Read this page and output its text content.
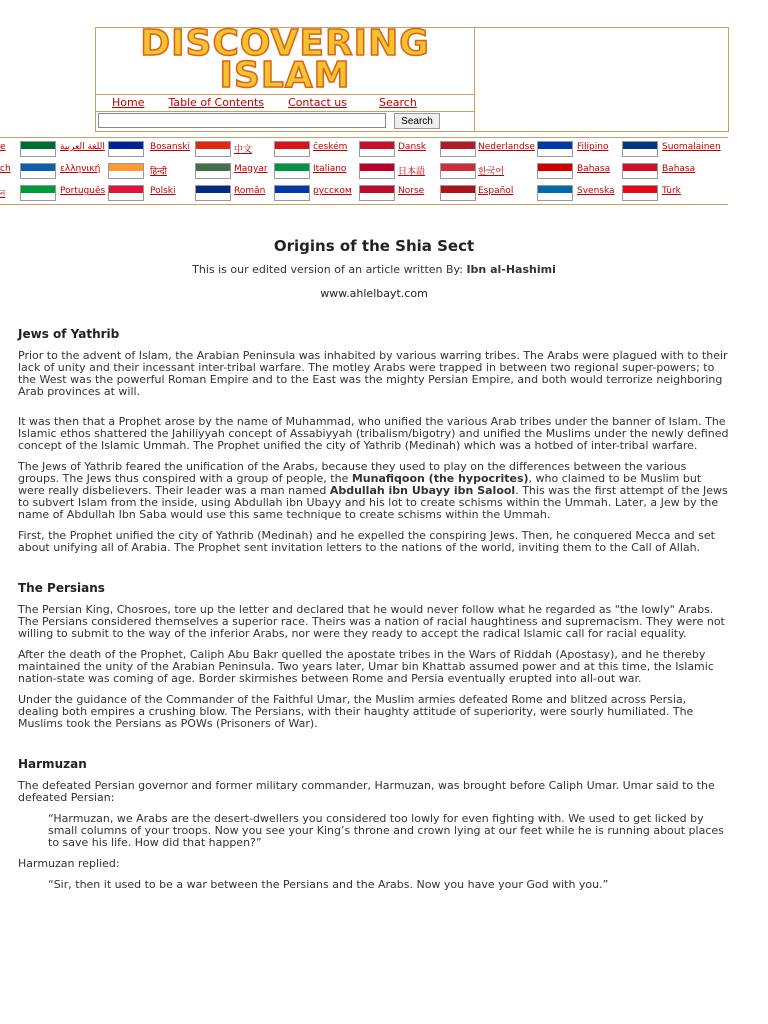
DISCOVERING
ISLAM
Home	Table of Contents	Contact us	Search
Search
e	اللغة العربية	Bosanski	中文	českém	Dansk	Nederlandse	Filipino	Suomalainen
ch	ελληνική	हिन्दी	Magyar	Italiano	日本語	한국어	Bahasa	Bahasa
ন	Português	Polski	Român	русском	Norse	Español	Svenska	Türk
Origins of the Shia Sect
This is our edited version of an article written By: Ibn al-Hashimi
www.ahlelbayt.com
Jews of Yathrib

Prior to the advent of Islam, the Arabian Peninsula was inhabited by various warring tribes. The Arabs were plagued with to their lack of unity and their incessant inter-tribal warfare. The motley Arabs were trapped in between two regional super-powers; to the West was the powerful Roman Empire and to the East was the mighty Persian Empire, and both would terrorize neighboring Arab provinces at will.

It was then that a Prophet arose by the name of Muhammad, who unified the various Arab tribes under the banner of Islam. The Islamic ethos shattered the Jahiliyyah concept of Assabiyyah (tribalism/bigotry) and unified the Muslims under the newly defined concept of the Islamic Ummah. The Prophet unified the city of Yathrib (Medinah) which was a hotbed of inter-tribal warfare.

The Jews of Yathrib feared the unification of the Arabs, because they used to play on the differences between the various groups. The Jews thus conspired with a group of people, the Munafiqoon (the hypocrites), who claimed to be Muslim but were really disbelievers. Their leader was a man named Abdullah ibn Ubayy ibn Salool. This was the first attempt of the Jews to subvert Islam from the inside, using Abdullah ibn Ubayy and his lot to create schisms within the Ummah. Later, a Jew by the name of Abdullah Ibn Saba would use this same technique to create schisms within the Ummah.

First, the Prophet unified the city of Yathrib (Medinah) and he expelled the conspiring Jews. Then, he conquered Mecca and set about unifying all of Arabia. The Prophet sent invitation letters to the nations of the world, inviting them to the Call of Allah.

The Persians

The Persian King, Chosroes, tore up the letter and declared that he would never follow what he regarded as "the lowly" Arabs. The Persians considered themselves a superior race. Theirs was a nation of racial haughtiness and supremacism. They were not willing to submit to the way of the inferior Arabs, nor were they ready to accept the radical Islamic call for racial equality.

After the death of the Prophet, Caliph Abu Bakr quelled the apostate tribes in the Wars of Riddah (Apostasy), and he thereby maintained the unity of the Arabian Peninsula. Two years later, Umar bin Khattab assumed power and at this time, the Islamic nation-state was coming of age. Border skirmishes between Rome and Persia eventually erupted into all-out war.

Under the guidance of the Commander of the Faithful Umar, the Muslim armies defeated Rome and blitzed across Persia, dealing both empires a crushing blow. The Persians, with their haughty attitude of superiority, were sourly humiliated. The Muslims took the Persians as POWs (Prisoners of War).

Harmuzan

The defeated Persian governor and former military commander, Harmuzan, was brought before Caliph Umar. Umar said to the defeated Persian:

“Harmuzan, we Arabs are the desert-dwellers you considered too lowly for even fighting with. We used to get licked by small columns of your troops. Now you see your King’s throne and crown lying at our feet while he is running about places to save his life. How did that happen?”

Harmuzan replied:

“Sir, then it used to be a war between the Persians and the Arabs. Now you have your God with you.”
